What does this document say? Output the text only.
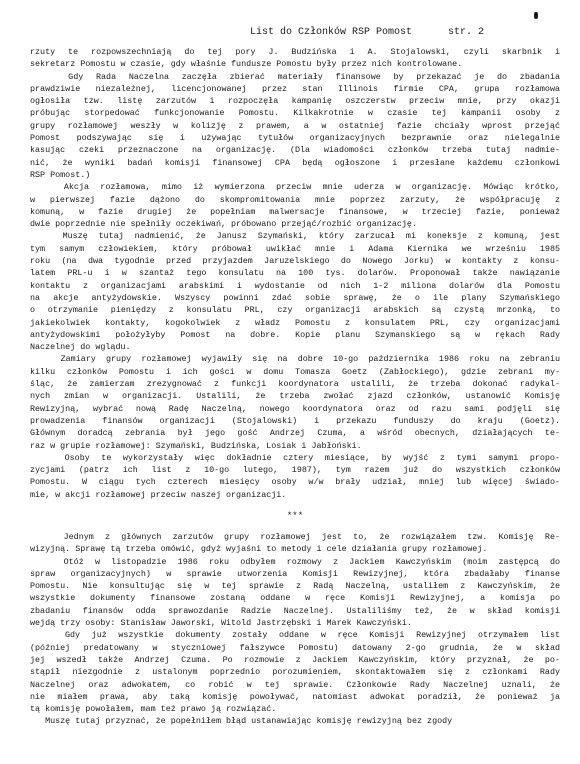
List do Członków RSP Pomost	str. 2
rzuty te rozpowszechniają do tej pory J. Budzińska i A. Stojalowski, czyli skarbnik i
sekretarz Pomostu w czasie, gdy właśnie fundusze Pomostu były przez nich kontrolowane.
Gdy Rada Naczelna zaczęła zbierać materiały finansowe by przekazać je do zbadania
prawdziwie niezależnej, licencjonowanej przez stan Illinois firmie CPA, grupa rozłamowa
ogłosiła tzw. listę zarzutów i rozpoczęła kampanię oszczerstw przeciw mnie, przy okazji
próbując storpedować funkcjonowanie Pomostu. Kilkakrotnie w czasie tej kampanii osoby z
grupy rozłamowej weszły w kolizję z prawem, a w ostatniej fazie chciały wprost przejąć
Pomost podszywając się i używając tytułów organizacyjnych bezprawnie oraz nielegalnie
kasując czeki przeznaczone na organizację. (Dla wiadomości członków trzeba tutaj nadmie-
nić, że wyniki badań komisji finansowej CPA będą ogłoszone i przesłane każdemu członkowi
RSP Pomost.)
Akcja rozłamowa, mimo iż wymierzona przeciw mnie uderza w organizację. Mówiąc krótko,
w pierwszej fazie dążono do skompromitowania mnie poprzez zarzuty, że współpracuję z
komuną, w fazie drugiej że popełniam malwersacje finansowe, w trzeciej fazie, ponieważ
dwie poprzednie nie spełniły oczekiwań, próbowano przejąć/rozbić organizację.
Muszę tutaj nadmienić, że Janusz Szymański, który zarzucał mi koneksje z komuną, jest
tym samym człowiekiem, który próbował uwikłać mnie i Adama Kiernika we wrześniu 1985
roku (na dwa tygodnie przed przyjazdem Jaruzelskiego do Nowego Jorku) w kontakty z konsu-
latem PRL-u i w szantaż tego konsulatu na 100 tys. dolarów. Proponował także nawiązanie
kontaktu z organizacjami arabskimi i wydostanie od nich 1-2 miliona dolarów dla Pomostu
na akcje antyżydowskie. Wszyscy powinni zdać sobie sprawę, że o ile plany Szymańskiego
o otrzymanie pieniędzy z konsulatu PRL, czy organizacji arabskich są czystą mrzonką, to
jakiekolwiek kontakty, kogokolwiek z władz Pomostu z konsulatem PRL, czy organizacjami
antyżydowskimi położyłyby Pomost na dobre. Kopie planu Szymanskiego są w rękach Rady
Naczelnej do wglądu.
Zamiary grupy rozłamowej wyjawiły się na dobre 10-go października 1986 roku na zebraniu
kilku członków Pomostu i ich gości w domu Tomasza Goetz (Zabłockiego), gdzie zebrani my-
śląc, że zamierzam zrezygnować z funkcji koordynatora ustalili, że trzeba dokonać radykal-
nych zmian w organizacji. Ustalili, że trzeba zwołać zjazd członków, ustanowić Komisję
Rewizyjną, wybrać nową Radę Naczelną, nowego koordynatora oraz od razu sami podjęli się
prowadzenia finansów organizacji (Stojalowski) i przekazu funduszy do kraju (Goetz).
Głównym doradcą zebrania był jego gość Andrzej Czuma, a wśród obecnych, działających te-
raz w grupie rozłamowej: Szymański, Budzińska, Losiak i Jabłoński.
Osoby te wykorzystały więc dokładnie cztery miesiące, by wyjść z tymi samymi propo-
zycjami (patrz ich list z 10-go lutego, 1987), tym razem już do wszystkich członków
Pomostu. W ciągu tych czterech miesięcy osoby w/w brały udział, mniej lub więcej świado-
mie, w akcji rozłamowej przeciw naszej organizacji.
***
Jednym z głównych zarzutów grupy rozłamowej jest to, że rozwiązałem tzw. Komisję Re-
wizyjną. Sprawę tą trzeba omówić, gdyż wyjaśni to metody i cele działania grupy rozłamowej.
Otóż w listopadzie 1986 roku odbyłem rozmowy z Jackiem Kawczyńskim (moim zastępcą do
spraw organizacyjnych) w sprawie utworzenia Komisji Rewizyjnej, która zbadałaby finanse
Pomostu. Nie konsultując się w tej sprawie z Radą Naczelną, ustaliłem z Kawczyńskim, że
wszystkie dokumenty finansowe zostaną oddane w ręce Komisji Rewizyjnej, a komisja po
zbadaniu finansów odda sprawozdanie Radzie Naczelnej. Ustaliliśmy też, że w skład komisji
wejdą trzy osoby: Stanisław Jaworski, Witold Jastrzębski i Marek Kawczyński.
Gdy już wszystkie dokumenty zostały oddane w ręce Komisji Rewizyjnej otrzymałem list
(później predatowany w styczniowej fałszywce Pomostu) datowany 2-go grudnia, że w skład
jej wszedł także Andrzej Czuma. Po rozmowie z Jackiem Kawczyńskim, który przyznał, że po-
stąpił niezgodnie z ustalonym poprzednio porozumieniem, skontaktowałem się z członkami Rady
Naczelnej oraz adwokatem, co robić w tej sprawie. Członkowie Rady Naczelnej uznali, że
nie miałem prawa, aby taką komisję powoływać, natomiast adwokat poradził, że ponieważ ja
tą komisję powołałem, mam też prawo ją rozwiązać.
Muszę tutaj przyznać, że popełniłem błąd ustanawiając komisję rewizyjną bez zgody
